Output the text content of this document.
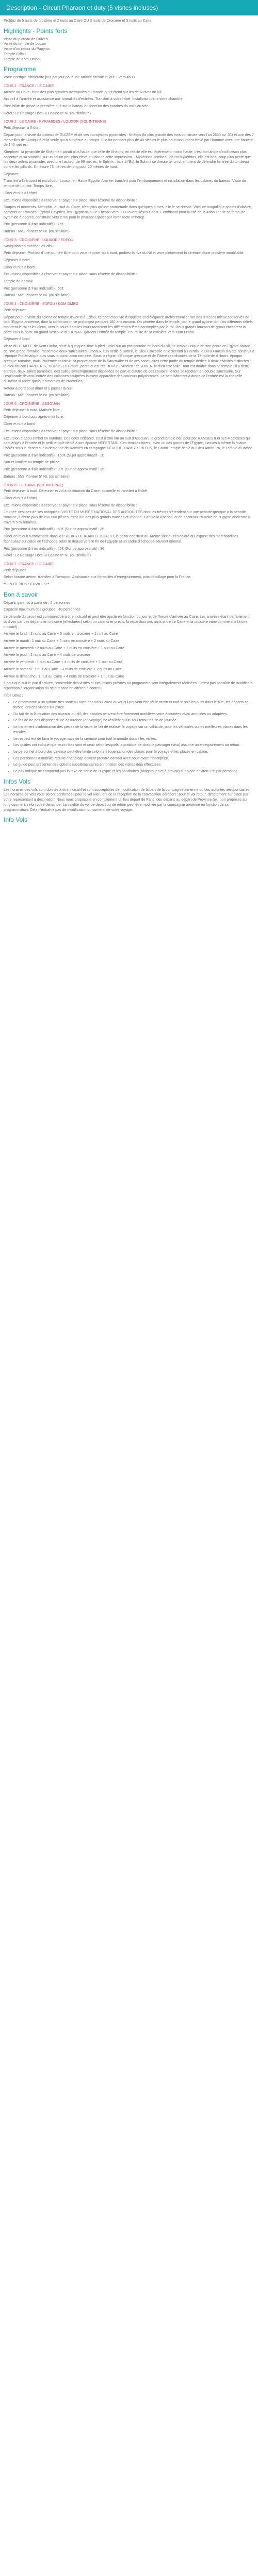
Description - Circuit Pharaon et duty (5 visites incluses)
Profitez de 5 nuits de croisière et 2 nuits au Caire OU 3 nuits de Croisière et 3 nuits au Caire
Highlights - Points forts
Visite du plateau de Guizeh
Visite du temple de Louxor
Visite d'un retour du Papyrus
Temple Edfou
Temple de Kom Ombo
Programme
Votre exemple d'itinéraire jour par jour pour une arrivée prévue le jour 1 vers 4h30.
JOUR 1 : FRANCE / LE CAIRE
Arrivée au Caire, l'une des plus grandes métropoles du monde qui s'étend sur les deux rives du Nil.
Accueil à l'arrivée et assistance aux formalités d'entrées. Transfert à votre hôtel. Installation dans votre chambre.
Possibilité de passé la première nuit sur le bateau en fonction des horaires du vol d'arrivée.
Hôtel : Le Passage Hôtel & Casino 5* NL (ou similaire)
JOUR 2 : LE CAIRE - PYRAMIDES / LOUXOR (VOL INTERNE)
Petit déjeuner à l'hôtel.
Départ pour la visite du plateau de GUIZEH et de ses incroyables pyramides : Khéops (la plus grande des trois construite vers l'an 2650 av. JC) et une des 7 merveilles de l'Antiquité et la seule qui a survécue au temps. Elle fut pendant plus de 40 siècles le plus haut monument élevé par l'homme avec une hauteur de 146 mètres.
Khéphren, la pyramide de Khéphren paraît plus haute que celle de Khéops, en réalité elle est légèrement moins haute, c'est son angle d'inclinaison plus accentué et sa situation sur un sol un peu plus élevé qui donne cette impression. - Mykérinos, tombeau de roi Mykérinos, elle est beaucoup plus petite que les deux autres pyramides avec une hauteur de 66 mètres. le Sphinx : face à l'Est, le Sphinx se dresse tel un chat-totem de défendre l'entrée du tombeau contre les pillards. Il mesure 73 mètres de long pour 20 mètres de haut.
Déjeuner.
Transfert à l'aéroport et envol pour Louxor, en Haute Egypte. Arrivée, transfert pour l'embarquement et installation dans les cabines du bateau. Visite du temple de Louxor. Temps libre.
Dîner et nuit à l'hôtel
Excursions disponibles à réserver et payer sur place, sous réserve de disponibilité :
Soupirs et moments. Memphis, au sud du Caire, n'est plus qu'une promenade dans quelques dunes, elle le se dresse. Voici ce magnifique sphinx d'albâtre, captants de Ramsès II(grand Egyptien, les Egyptiens ou le Khéops vers 3000 avant Jésus-Christ. Combinant pour la cité de la Abbou et de sa fameuse pyramide à degrés, construite vers 2700 pour le pharaon Djoser par l'architecte Imhotep.
Prix (personne & frais indicatifs) : 75€
Bateau : M/S Pioneer 5* NL (ou similaire)
JOUR 3 : CROISIÈRE : LOUXOR / EDFOU
Navigation en direction d'Edfou.
Petit déjeuner. Profitez d'une journée libre pour vous reposer où à bord, profitez la rive du Nil et vivre pleinement la sérénité d'une croisière inoubliable.
Déjeuner à bord.
Dîner et nuit à bord.
Excursions disponibles à réserver et payer sur place, sous réserve de disponibilité :
Temple de Karnak
Prix (personne & frais indicatifs) : 60€
Bateau : M/S Pioneer 5* NL (ou similaire)
JOUR 4 : CROISIÈRE : EDFOU / KOM OMBO
Petit déjeuner.
Départ pour la visite du splendide temple d'Horus à Edfou, ce chef d'oeuvre d'équilibre et d'élégance architectural et l'un des sites les mieux conservés de tout l'Egypte ancienne, dont la construction se prolongea pendant 180 ans environ. On pénètre dans le temple, par le grand pylone dont les différents reliefs montrent le roi et les dieux, vers la cours dont les murs racontent les différentes fêtes accomplies par le roi. Deux grands faucons de granit encadrent la porte.Puis la porte du grand vestibule du DUNAS, gardent l'entrée du temple. Poursuite de la croisière vers Kom Ombo.
Déjeuner à bord
Visite du TEMPLE de Kom Ombo, situé à quelques 'time à pied : voici sur un promontoire en bord du Nil, ce temple unique en son genre en Egypte datant de l'ère gréco-romaine, rassemble deux sanctuaires jumeaux, l'un dédié à Sobek, le Dieu Crocodile et le second à Haroris, le Dieu Faucon.Il a été construit à l'époque Ptolémaïque puis sous la domination romaine. Sous le règne, d'Epoque grecque et de Tibère ces divinités de la Tétrade de d'Horus, époque grecque-romaine, mais Ptolémée construit sa propre porte de la Sanctuaire et de ces sanctuaires cette partie du temple dédiée à deux divinités distinctes : le dieu faucon HAROERIS, 'HORUS Le Grand', partie ouest *et 'HORUS l'Ancien ' et SOBEK, le dieu crocodile. Tout est double dans ce temple ; il a deux entrées, deux salles parallèles, des salles symétriquement disposées de part et d'autre de ces couloirs, le tout se répétant en double sanctuaire. Sur l'esplanade devant l'entrée des colonnes sculptées laissent apparaître des couleurs polychromes. Le petit bâtiment à droite de l'entrée est la chapelle d'Hathor. Il abrite quelques momies de crocodiles.
Retour à bord pour dîner et y passer la nuit.
Bateau : M/S Pioneer 5* NL (ou similaire)
JOUR 5 : CROISIÈRE : ASSOUAN
Petit déjeuner à bord. Matinée libre.
Déjeuner à bord puis après-midi libre.
Dîner et nuit à bord.
Excursions disponibles à réserver et payer sur place, sous réserve de disponibilité :
Excursion à abou simbel en autobus. Des deux célèbres, c'est à 280 km au sud d'Assouan, le grand temple bâti pour par RAMSÈS II et ses 4 colosses qui sont érigés à l'entrée et le petit temple dédié à son épouse NEFERTARI. Ces temples furent, avec un des grands de l'Égypte, classés à même la falaise libérés sous le désert sur la demande de Ramsès en campagne HÉRODE, RAMSÈS HITTIN, le Grand Temple dédié au Dieu Amon-Ra, le Temple d'Hathor.
Prix (personne & frais indicatifs) : 150€ (Sujet approximatif - 1€
Son et lumière au temple de philae
Prix (personne & frais indicatifs) : 30€ (Sur de approximatif : 3€
Bateau : M/S Pioneer 5* NL (ou similaire)
JOUR 6 : LE CAIRE (VOL INTERNE)
Petit déjeuner à bord. Déjeuner et vol à destination du Caire, accueille et transfert à l'hôtel.
Dîner et nuit à l'hôtel.
Excursions disponibles à réserver et payer sur place, sous réserve de disponibilité :
Journée Vestiges de ses antiquités: VISITE DU MUSÉE NATIONAL DES ANTIQUITÉS dont les trésors s'étendent sur une période grecque à la période romaine, il abrite plus de 250 000 pièces, c'est l'un des plus grands musées du monde. Il abrite la Khéops, et de découvrir l'histoire de l'Egypte ancienne à travers 5 millénaires.
Prix (personne & frais indicatifs) : 60€ (Sur de approximatif : 3€
Dîner en felouk !Promenade dans les SOUKS DE KHAN EL KHALILI, le bazar construit au 14ème siècle, très coloré qui expose des merchandises fabriquées sur place en l'échoppe selon le depuis vers le fin de l'Egypte et un cadre d'échoppé souvent oriental.
Prix (personne & frais indicatifs) : 25€ (Sur de approximatif : 3€
Hôtel : Le Passage Hôtel & Casino 5* NL (ou similaire)
JOUR 7 : FRANCE / LE CAIRE
Petit déjeuner.
Selon horaire aérien, transfert à l'aéroport. Assistance aux formalités d'enregistrement, puis décollage pour la France.
**FIN DE NOS SERVICES**
Bon à savoir
Départs garantis à partir de : 2 personnes
Capacité maximum des groupes : 40 personnes
Le déroulé du circuit est communiqué à titre indicatif et peut être ajusté en fonction du jour et de l'heure d'arrivée au Caire. Les arrivées étant parfaitement tardives par des départs en croisière (effectuées) selon un calendrier précis, la répartition des nuits entre Le Caire et la croisière varie comme suit (à titre indicatif) :
Arrivée le lundi : 2 nuits au Caire + 5 nuits en croisière + 1 nuit au Caire
Arrivée le mardi : 1 nuit au Caire + 4 nuits en croisière + 2 nuits au Caire
Arrivée le mercredi : 2 nuits au Caire + 3 nuits en croisière + 1 nuit au Caire
Arrivée le jeudi : 2 nuits au Caire + 4 nuits de croisière
Arrivée le vendredi : 1 nuit au Caire + 4 nuits de croisière + 1 nuit au Caire
Arrivée le samedi : 1 nuit au Caire + 3 nuits de croisière + 2 nuits au Caire
Arrivée le dimanche : 1 nuit au Caire + 4 nuits de croisière + 1 nuit au Caire
Il peut que suit le jour d'arrivée, l'ensemble des visites et excursions prévues au programme sont intégralement réalisées. Il n'est pas possible de modifier la répartition / l'organisation du séjour sans en altérer le contenu.
Infos utiles :
• Le programme a un rythme très soutenu avec des vols Caire/Louxor qui peuvent être tôt le matin et tard le soir les nuits dans le pire, les départs se feront, lors des visites sur place.
• Du fait de la fluctuation des niveaux du Nil, des escales peuvent être fortement modifiées voire écourtées et/ou annulées ou adaptées.
• Le fait de ne pas disposer d'une assurance (en voyage) ne résilient qu'un seul retour en fin de journée.
• Le traitement d'information des pièces de la visite, le fait de réaliser le voyage sur un véhicule, pour les véhicules ou les meilleures places dans les escales.
• Le respect est de faire le voyage mais de la sérénité pour tout le monde durant les visites.
• Les guides ont indiqué que leurs rôles sont et ceux selon lesquels la pratique de chaque passager (visa) assume un enregistrement au retour.
• Le personnel à bord des bateaux peut être limité selon la fréquentation des places pour le voyage et les places en cabine.
• Les personnes à mobilité réduite / handicap doivent prendre contact avec nous avant l'inscription.
• Le guide peut présenter des options supplémentaires en fonction des visites déjà effectuées.
• Le prix indiqué ne comprend pas la taxe de sortie de l'Égypte et les pourboires (obligatoires et à prévoir) sur place environ 35€ par personne.
Infos Vols
Les horaires des vols sont donnés à titre indicatif et sont susceptibles de modification de la part de la compagnie aérienne ou des autorités aéroportuaires. Les horaires de vols vous seront confirmés ; pour le vol aller, lors de la réception de la convocation aéroport ; pour le vol retour, directement sur place par votre représentant à destination. Nous nous proposons en complément un lieu départ de Paris, des départs au départ de Province (ex: non proposés au long courrier), selon votre demande. La validité du vol de départ ou de retour peut être modifiée par la compagnie aérienne en fonction de sa programmation. Cela n'entraîne pas de modification du contenu de votre voyage.
Info Vols
